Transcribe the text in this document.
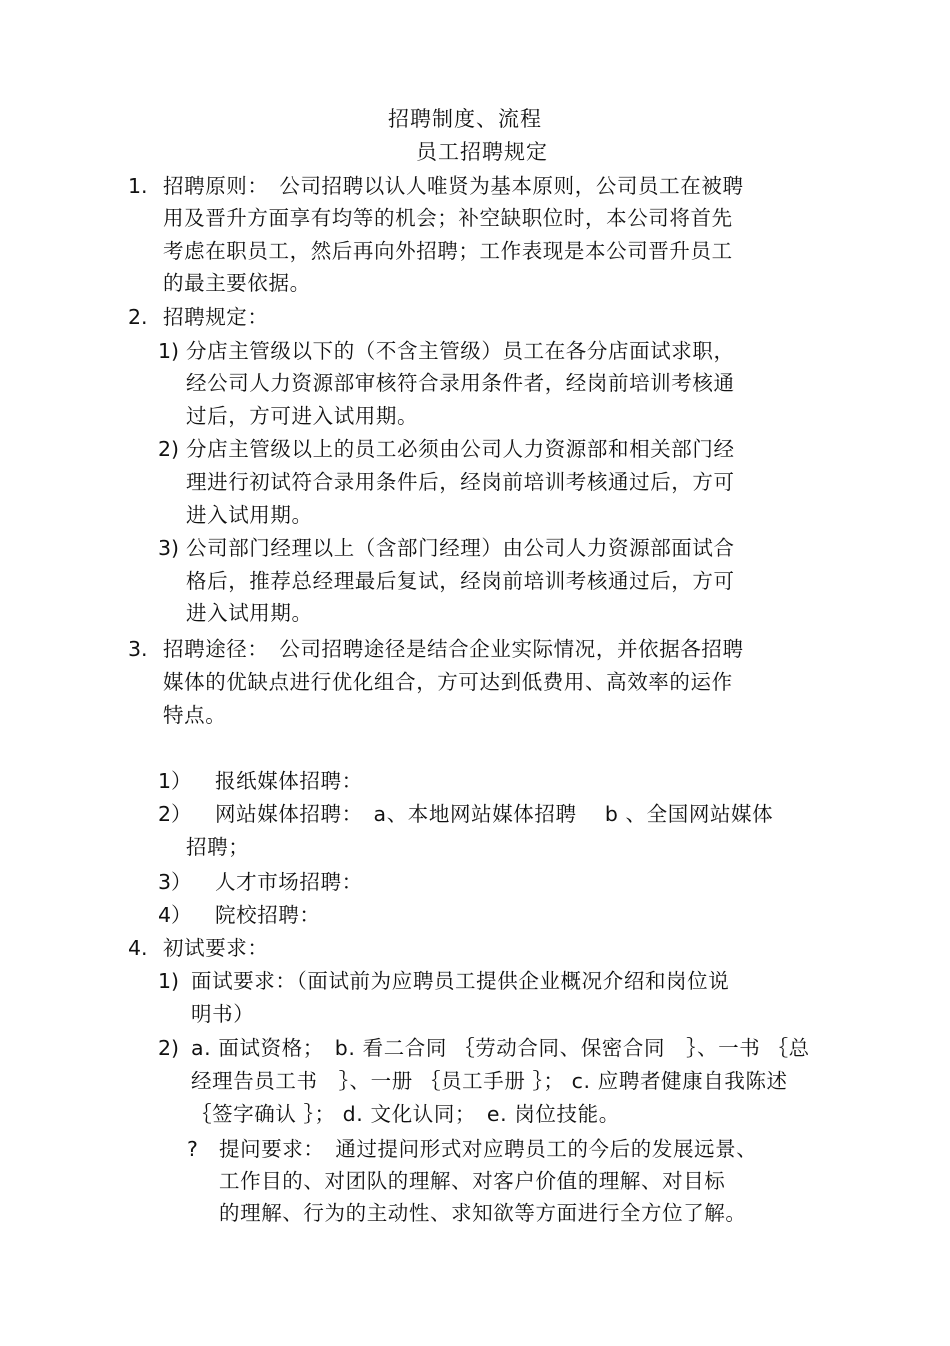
招聘制度、流程
员工招聘规定
1. 招聘原则：　公司招聘以认人唯贤为基本原则，公司员工在被聘
用及晋升方面享有均等的机会；补空缺职位时，本公司将首先
考虑在职员工，然后再向外招聘；工作表现是本公司晋升员工
的最主要依据。
2. 招聘规定：
1) 分店主管级以下的（不含主管级）员工在各分店面试求职，
经公司人力资源部审核符合录用条件者，经岗前培训考核通
过后，方可进入试用期。
2) 分店主管级以上的员工必须由公司人力资源部和相关部门经
理进行初试符合录用条件后，经岗前培训考核通过后，方可
进入试用期。
3) 公司部门经理以上（含部门经理）由公司人力资源部面试合
格后，推荐总经理最后复试，经岗前培训考核通过后，方可
进入试用期。
3. 招聘途径：　公司招聘途径是结合企业实际情况，并依据各招聘
媒体的优缺点进行优化组合，方可达到低费用、高效率的运作
特点。
1） 报纸媒体招聘：
2） 网站媒体招聘：　a、本地网站媒体招聘　 b 、全国网站媒体
招聘；
3） 人才市场招聘：
4） 院校招聘：
4. 初试要求：
1) 面试要求：（面试前为应聘员工提供企业概况介绍和岗位说
明书）
2) a. 面试资格；　b. 看二合同 ｛劳动合同、保密合同　｝、一书 ｛总
经理告员工书　｝、一册 ｛员工手册 ｝； c. 应聘者健康自我陈述
｛签字确认 ｝； d. 文化认同；　e. 岗位技能。
? 提问要求：　通过提问形式对应聘员工的今后的发展远景、
工作目的、对团队的理解、对客户价值的理解、对目标
的理解、行为的主动性、求知欲等方面进行全方位了解。
